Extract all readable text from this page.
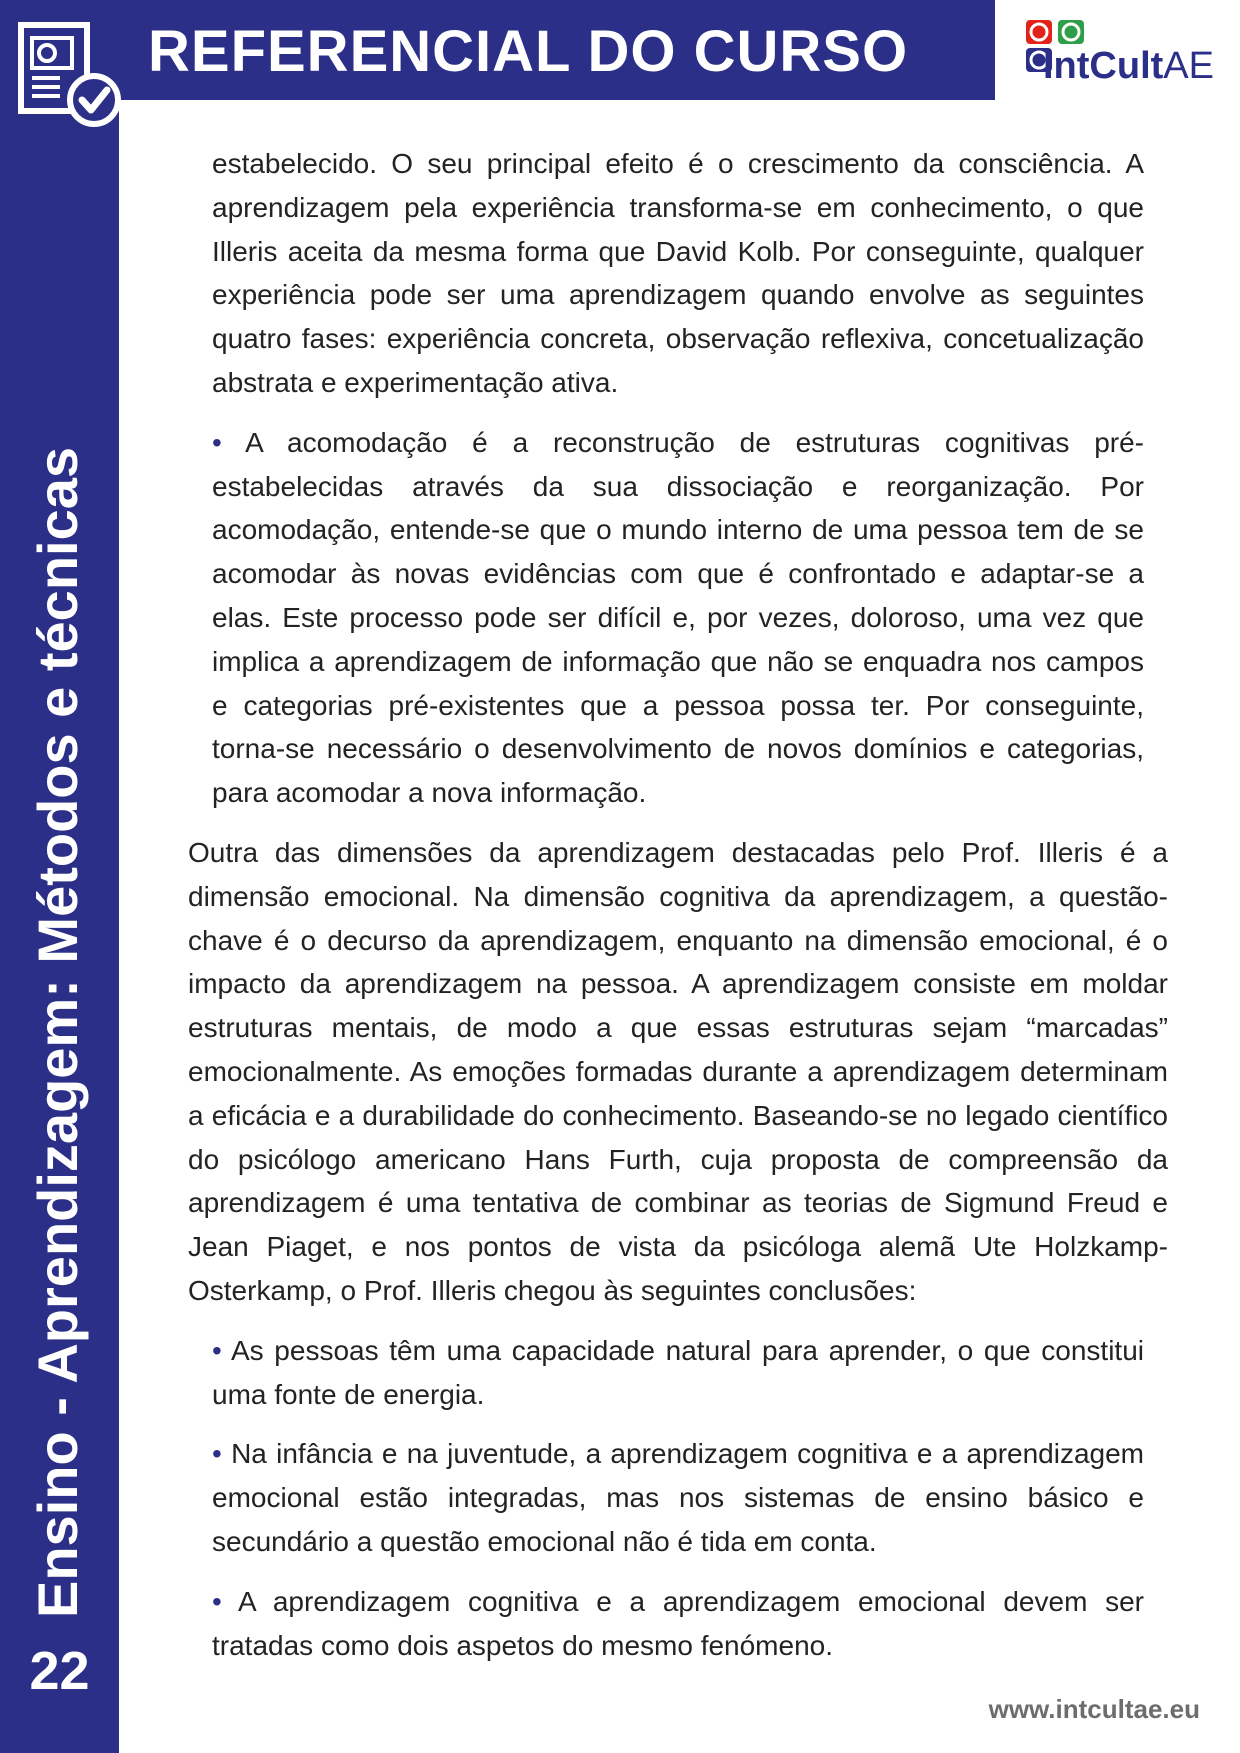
REFERENCIAL DO CURSO
Ensino - Aprendizagem: Métodos e técnicas
22
IntCultAE

estabelecido. O seu principal efeito é o crescimento da consciência. A aprendizagem pela experiência transforma-se em conhecimento, o que Illeris aceita da mesma forma que David Kolb. Por conseguinte, qualquer experiência pode ser uma aprendizagem quando envolve as seguintes quatro fases: experiência concreta, observação reflexiva, concetualização abstrata e experimentação ativa.

• A acomodação é a reconstrução de estruturas cognitivas pré-estabelecidas através da sua dissociação e reorganização. Por acomodação, entende-se que o mundo interno de uma pessoa tem de se acomodar às novas evidências com que é confrontado e adaptar-se a elas. Este processo pode ser difícil e, por vezes, doloroso, uma vez que implica a aprendizagem de informação que não se enquadra nos campos e categorias pré-existentes que a pessoa possa ter. Por conseguinte, torna-se necessário o desenvolvimento de novos domínios e categorias, para acomodar a nova informação.

Outra das dimensões da aprendizagem destacadas pelo Prof. Illeris é a dimensão emocional. Na dimensão cognitiva da aprendizagem, a questão-chave é o decurso da aprendizagem, enquanto na dimensão emocional, é o impacto da aprendizagem na pessoa. A aprendizagem consiste em moldar estruturas mentais, de modo a que essas estruturas sejam “marcadas” emocionalmente. As emoções formadas durante a aprendizagem determinam a eficácia e a durabilidade do conhecimento. Baseando-se no legado científico do psicólogo americano Hans Furth, cuja proposta de compreensão da aprendizagem é uma tentativa de combinar as teorias de Sigmund Freud e Jean Piaget, e nos pontos de vista da psicóloga alemã Ute Holzkamp-Osterkamp, o Prof. Illeris chegou às seguintes conclusões:

• As pessoas têm uma capacidade natural para aprender, o que constitui uma fonte de energia.

• Na infância e na juventude, a aprendizagem cognitiva e a aprendizagem emocional estão integradas, mas nos sistemas de ensino básico e secundário a questão emocional não é tida em conta.

• A aprendizagem cognitiva e a aprendizagem emocional devem ser tratadas como dois aspetos do mesmo fenómeno.

www.intcultae.eu
